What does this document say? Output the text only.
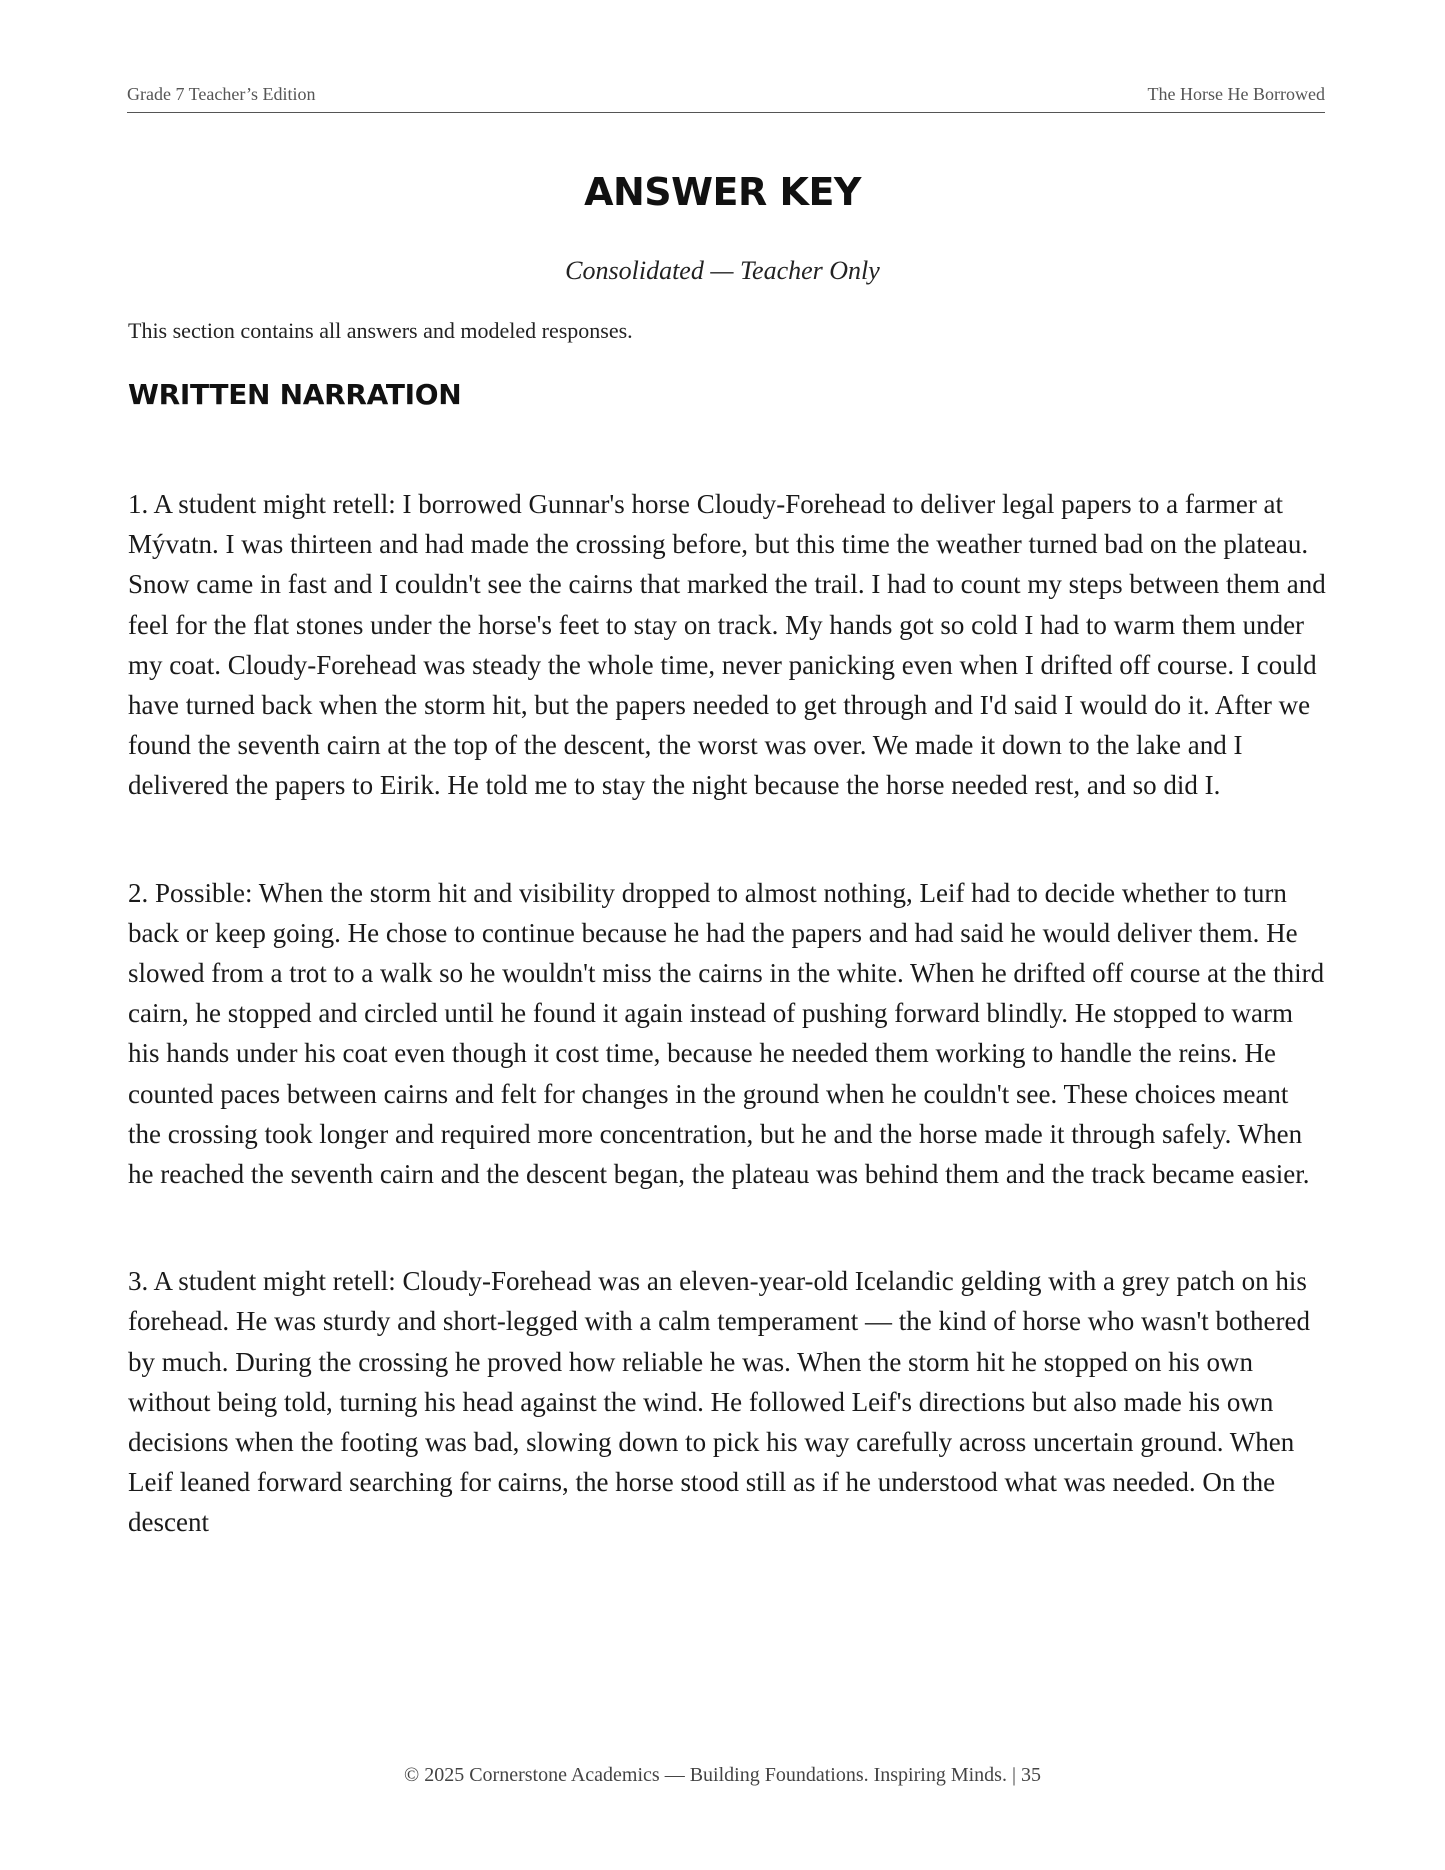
Grade 7 Teacher’s Edition	The Horse He Borrowed
ANSWER KEY
Consolidated — Teacher Only
This section contains all answers and modeled responses.
WRITTEN NARRATION

1. A student might retell: I borrowed Gunnar's horse Cloudy-Forehead to deliver legal papers to a farmer at Mývatn. I was thirteen and had made the crossing before, but this time the weather turned bad on the plateau. Snow came in fast and I couldn't see the cairns that marked the trail. I had to count my steps between them and feel for the flat stones under the horse's feet to stay on track. My hands got so cold I had to warm them under my coat. Cloudy-Forehead was steady the whole time, never panicking even when I drifted off course. I could have turned back when the storm hit, but the papers needed to get through and I'd said I would do it. After we found the seventh cairn at the top of the descent, the worst was over. We made it down to the lake and I delivered the papers to Eirik. He told me to stay the night because the horse needed rest, and so did I.

2. Possible: When the storm hit and visibility dropped to almost nothing, Leif had to decide whether to turn back or keep going. He chose to continue because he had the papers and had said he would deliver them. He slowed from a trot to a walk so he wouldn't miss the cairns in the white. When he drifted off course at the third cairn, he stopped and circled until he found it again instead of pushing forward blindly. He stopped to warm his hands under his coat even though it cost time, because he needed them working to handle the reins. He counted paces between cairns and felt for changes in the ground when he couldn't see. These choices meant the crossing took longer and required more concentration, but he and the horse made it through safely. When he reached the seventh cairn and the descent began, the plateau was behind them and the track became easier.

3. A student might retell: Cloudy-Forehead was an eleven-year-old Icelandic gelding with a grey patch on his forehead. He was sturdy and short-legged with a calm temperament — the kind of horse who wasn't bothered by much. During the crossing he proved how reliable he was. When the storm hit he stopped on his own without being told, turning his head against the wind. He followed Leif's directions but also made his own decisions when the footing was bad, slowing down to pick his way carefully across uncertain ground. When Leif leaned forward searching for cairns, the horse stood still as if he understood what was needed. On the descent

© 2025 Cornerstone Academics — Building Foundations. Inspiring Minds. | 35
